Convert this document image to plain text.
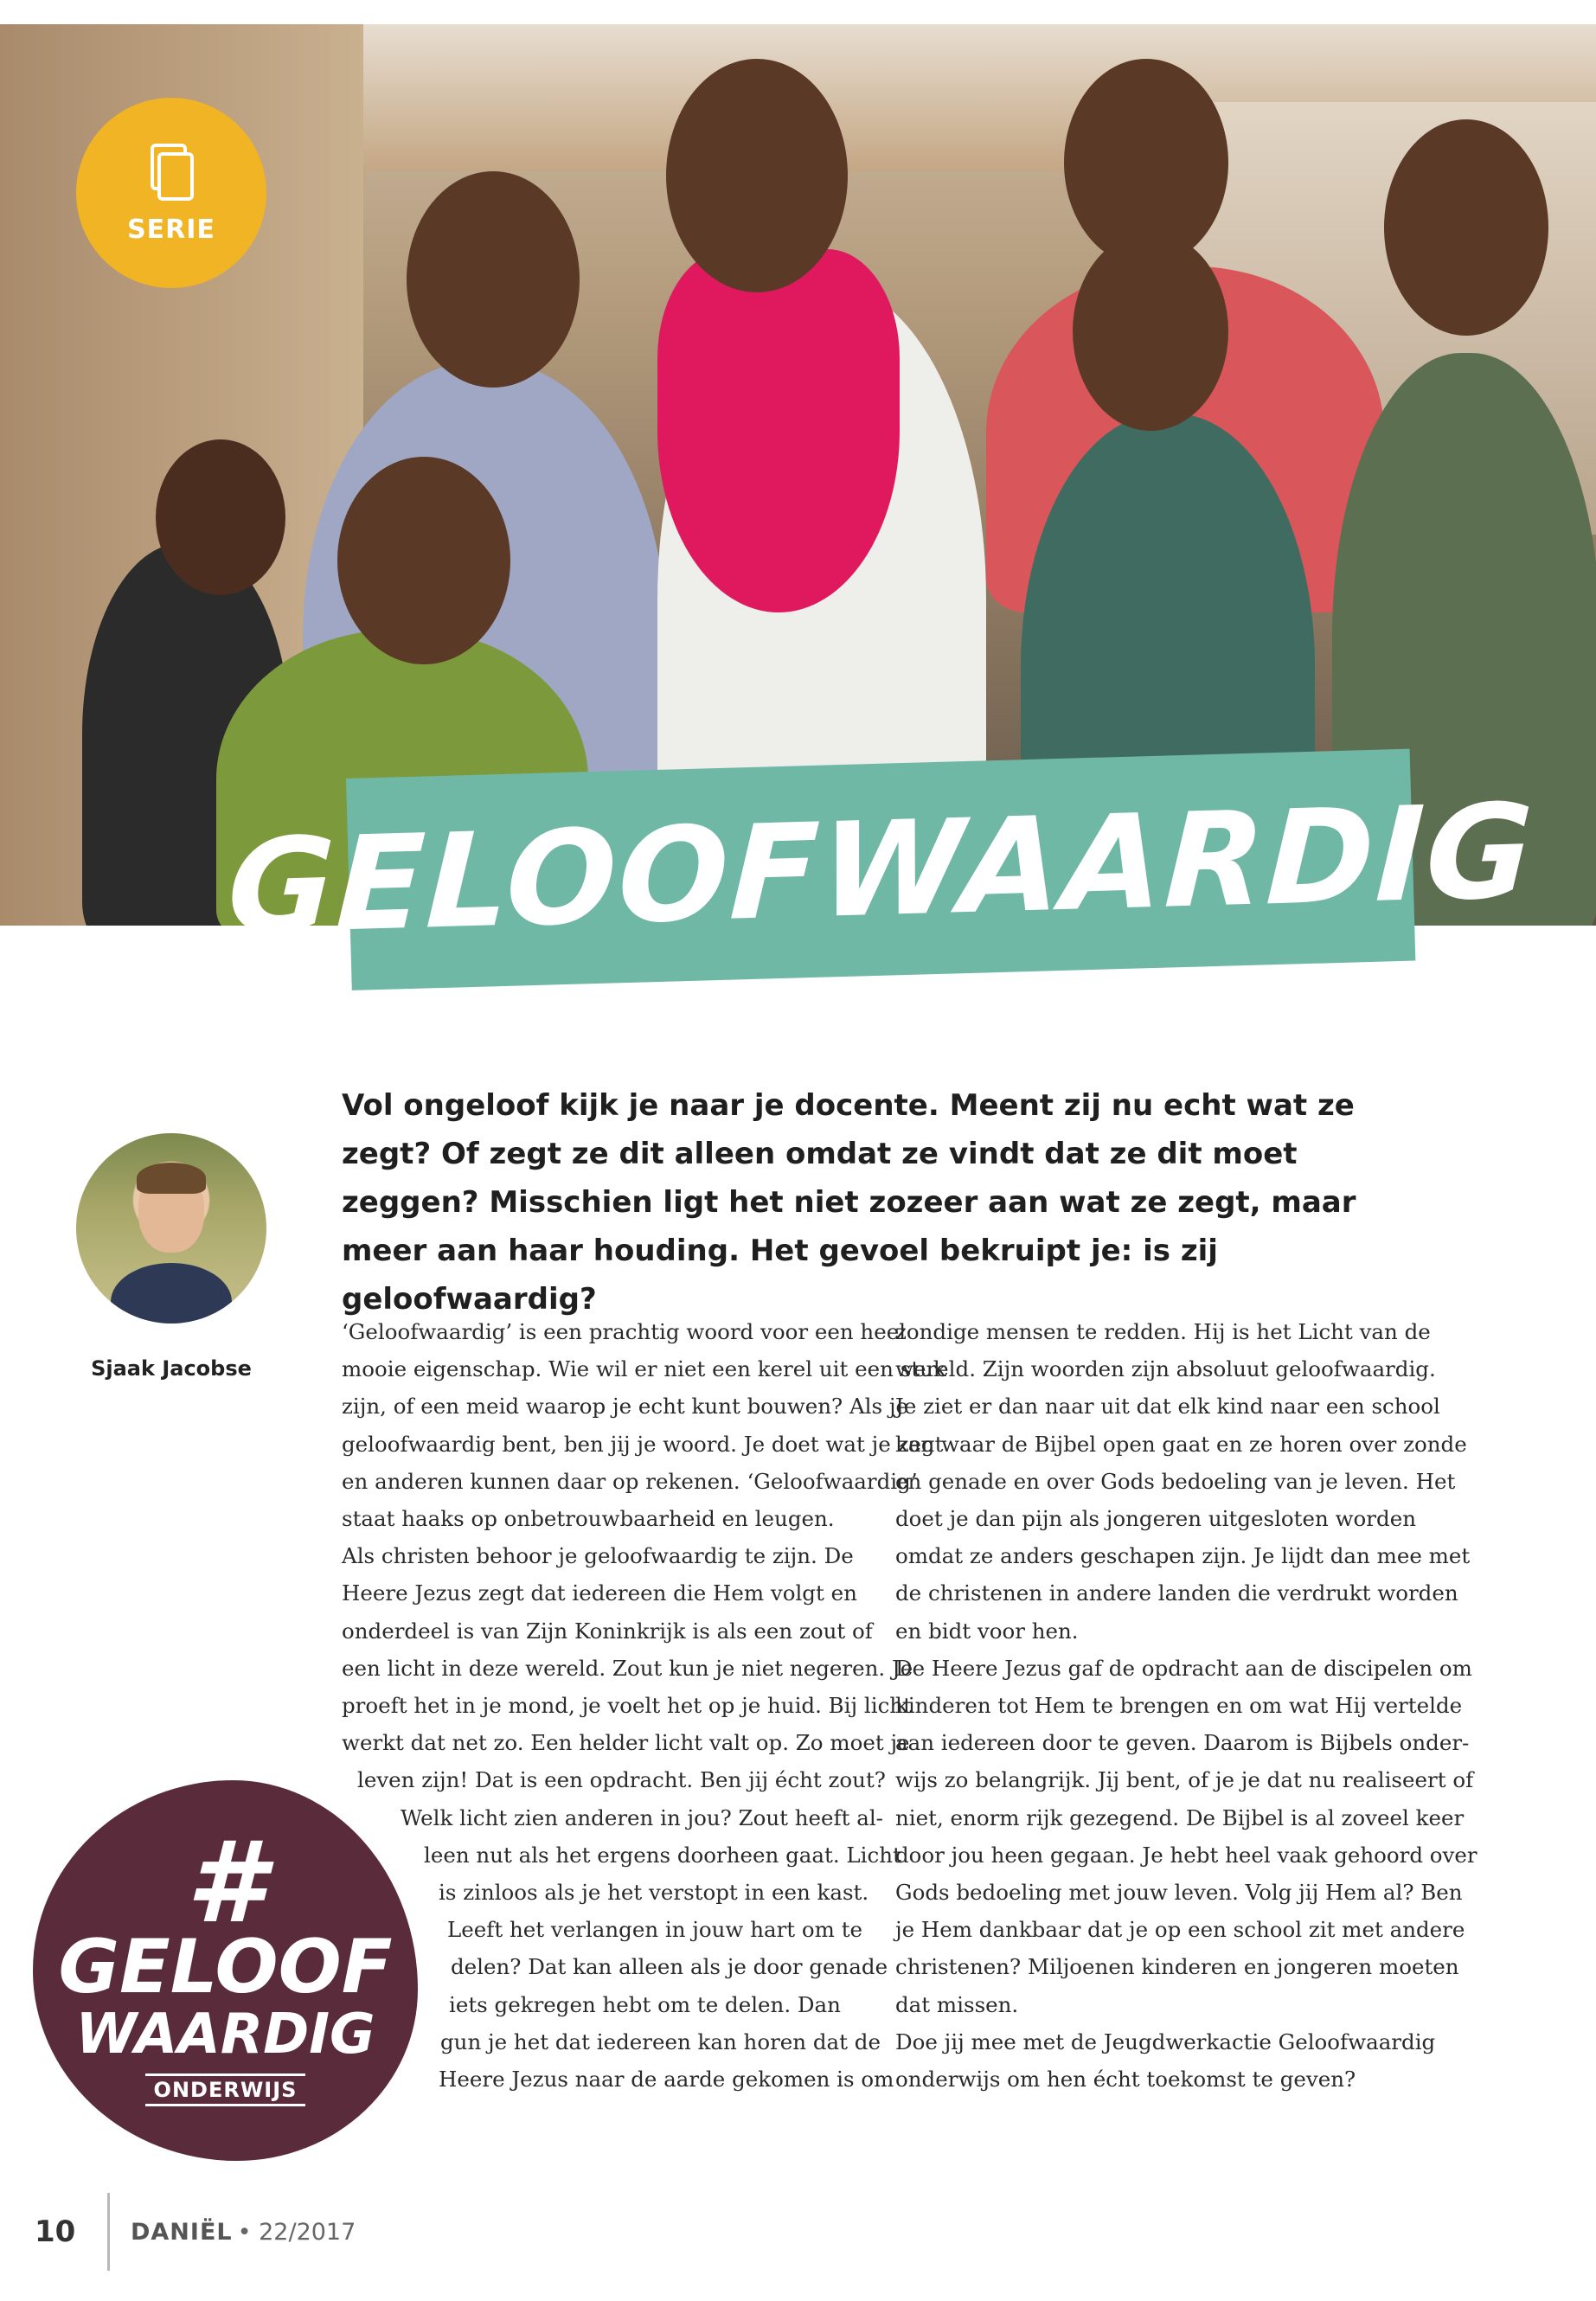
SERIE
GELOOFWAARDIG

Vol ongeloof kijk je naar je docente. Meent zij nu echt wat ze zegt? Of zegt ze dit alleen omdat ze vindt dat ze dit moet zeggen? Misschien ligt het niet zozeer aan wat ze zegt, maar meer aan haar houding. Het gevoel bekruipt je: is zij geloofwaardig?

Sjaak Jacobse
‘Geloofwaardig’ is een prachtig woord voor een heel
mooie eigenschap. Wie wil er niet een kerel uit een stuk
zijn, of een meid waarop je echt kunt bouwen? Als je
geloofwaardig bent, ben jij je woord. Je doet wat je zegt
en anderen kunnen daar op rekenen. ‘Geloofwaardig’
staat haaks op onbetrouwbaarheid en leugen.
Als christen behoor je geloofwaardig te zijn. De
Heere Jezus zegt dat iedereen die Hem volgt en
onderdeel is van Zijn Koninkrijk is als een zout of
een licht in deze wereld. Zout kun je niet negeren. Je
proeft het in je mond, je voelt het op je huid. Bij licht
werkt dat net zo. Een helder licht valt op. Zo moet je
leven zijn! Dat is een opdracht. Ben jij écht zout?
Welk licht zien anderen in jou? Zout heeft al-
leen nut als het ergens doorheen gaat. Licht
is zinloos als je het verstopt in een kast.
Leeft het verlangen in jouw hart om te
delen? Dat kan alleen als je door genade
iets gekregen hebt om te delen. Dan
gun je het dat iedereen kan horen dat de
Heere Jezus naar de aarde gekomen is om
zondige mensen te redden. Hij is het Licht van de
wereld. Zijn woorden zijn absoluut geloofwaardig.
Je ziet er dan naar uit dat elk kind naar een school
kan waar de Bijbel open gaat en ze horen over zonde
en genade en over Gods bedoeling van je leven. Het
doet je dan pijn als jongeren uitgesloten worden
omdat ze anders geschapen zijn. Je lijdt dan mee met
de christenen in andere landen die verdrukt worden
en bidt voor hen.
De Heere Jezus gaf de opdracht aan de discipelen om
kinderen tot Hem te brengen en om wat Hij vertelde
aan iedereen door te geven. Daarom is Bijbels onder-
wijs zo belangrijk. Jij bent, of je je dat nu realiseert of
niet, enorm rijk gezegend. De Bijbel is al zoveel keer
door jou heen gegaan. Je hebt heel vaak gehoord over
Gods bedoeling met jouw leven. Volg jij Hem al? Ben
je Hem dankbaar dat je op een school zit met andere
christenen? Miljoenen kinderen en jongeren moeten
dat missen.
Doe jij mee met de Jeugdwerkactie Geloofwaardig
onderwijs om hen écht toekomst te geven?
#
GELOOF
WAARDIG
ONDERWIJS
10	DANIËL • 22/2017
